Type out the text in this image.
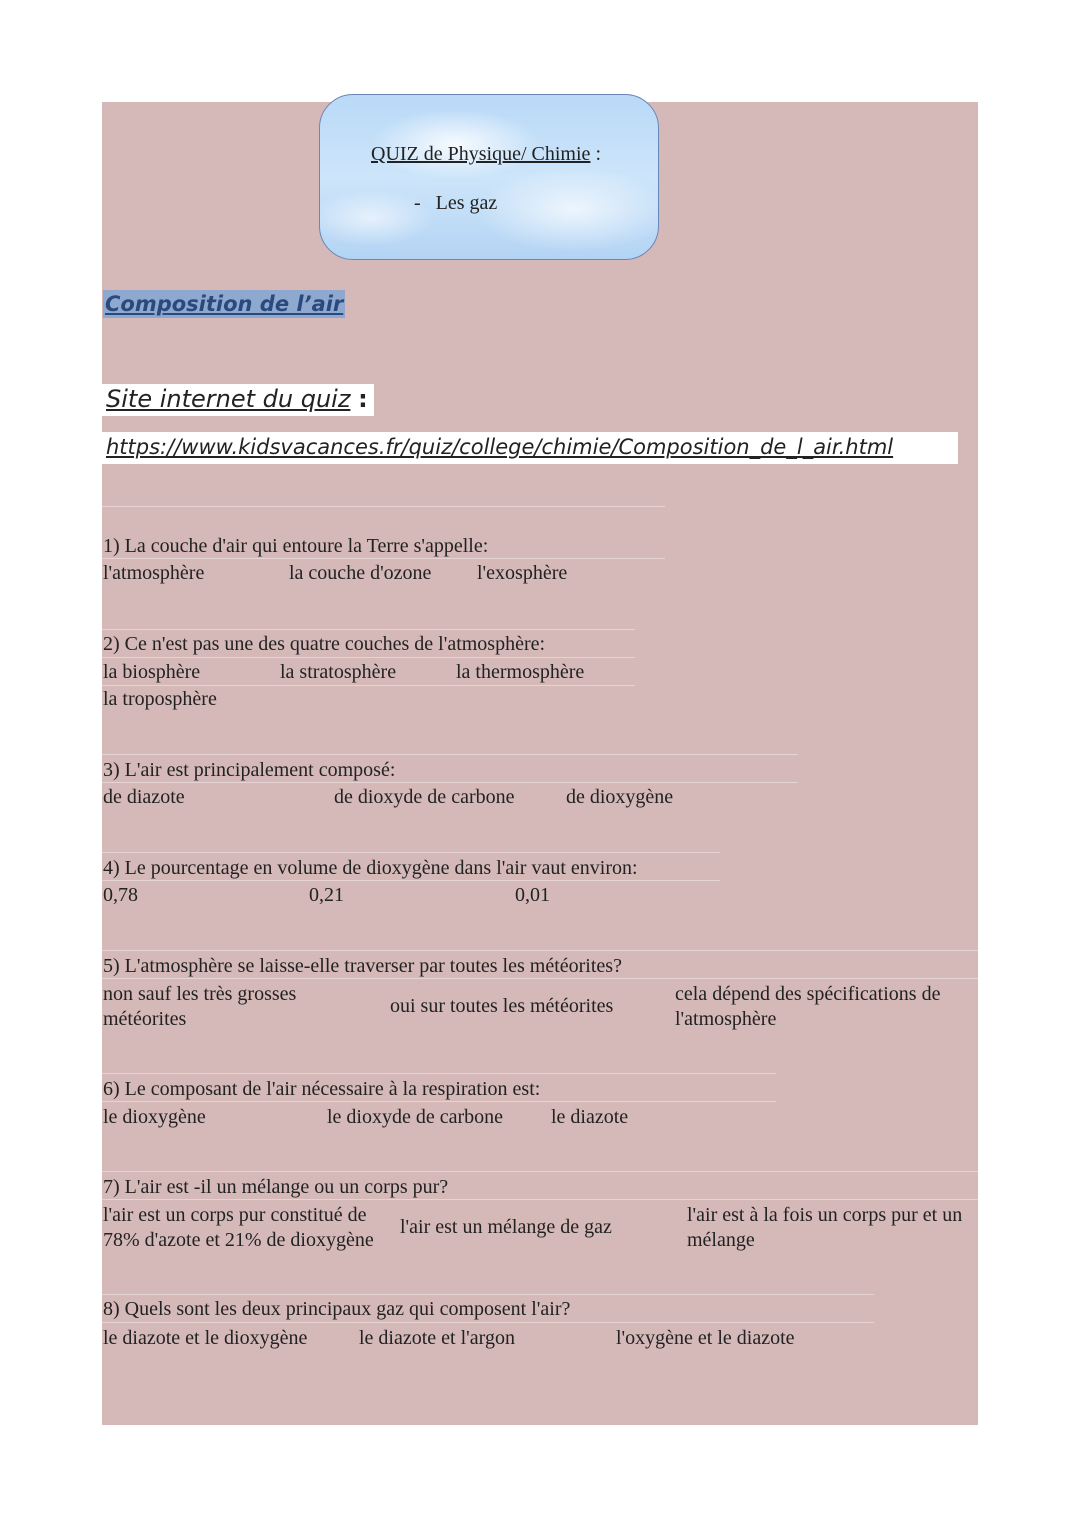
QUIZ de Physique/ Chimie :
- Les gaz
Composition de l’air
Site internet du quiz :
https://www.kidsvacances.fr/quiz/college/chimie/Composition_de_l_air.html
1) La couche d'air qui entoure la Terre s'appelle:
l'atmosphère	la couche d'ozone l'exosphère
2) Ce n'est pas une des quatre couches de l'atmosphère:
la biosphère	la stratosphère	la thermosphère
la troposphère
3) L'air est principalement composé:
de diazote	de dioxyde de carbone	de dioxygène
4) Le pourcentage en volume de dioxygène dans l'air vaut environ:
0,78	0,21	0,01
5) L'atmosphère se laisse-elle traverser par toutes les météorites?
non sauf les très grosses météorites
oui sur toutes les météorites
cela dépend des spécifications de l'atmosphère
6) Le composant de l'air nécessaire à la respiration est:
le dioxygène	le dioxyde de carbone le diazote
7) L'air est -il un mélange ou un corps pur?
l'air est un corps pur constitué de 78% d'azote et 21% de dioxygène
l'air est un mélange de gaz
l'air est à la fois un corps pur et un mélange
8) Quels sont les deux principaux gaz qui composent l'air?
le diazote et le dioxygène	le diazote et l'argon	l'oxygène et le diazote
